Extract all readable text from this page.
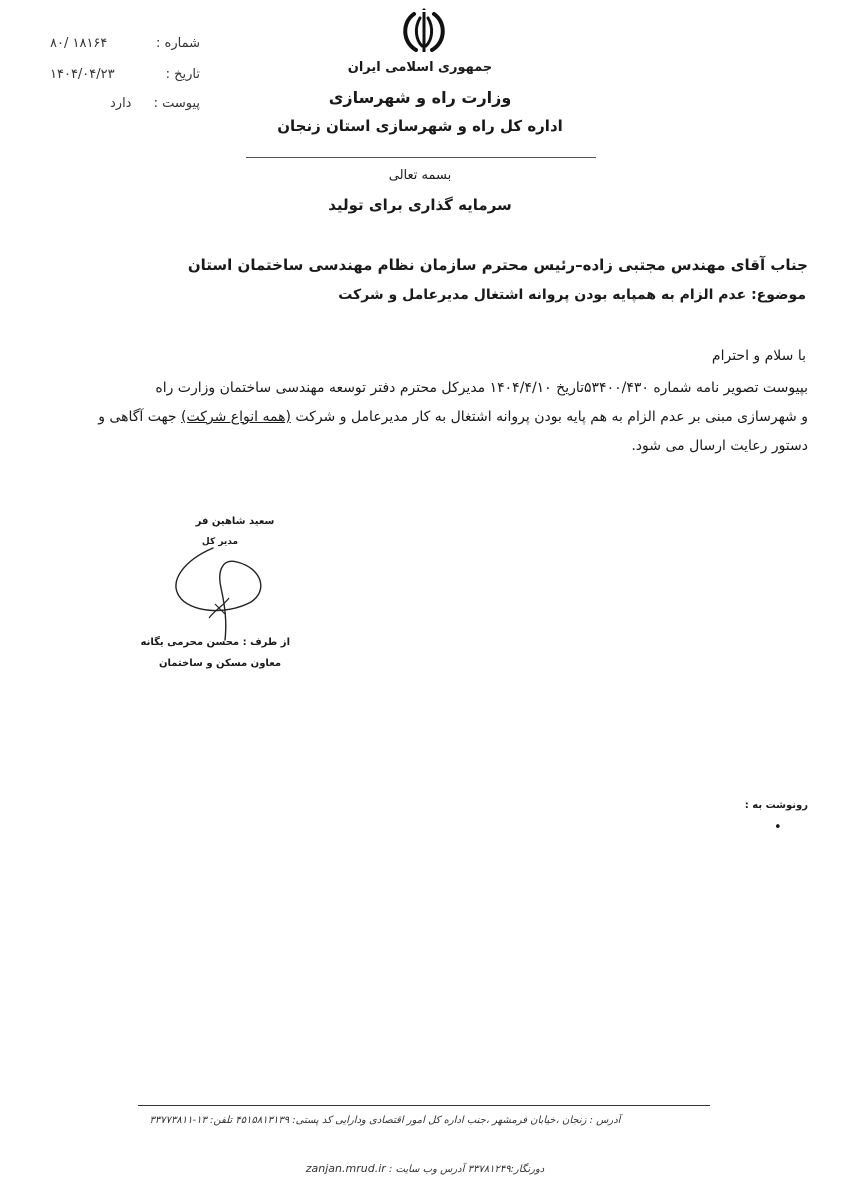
شماره :
۸۰/ ۱۸۱۶۴
تاریخ :
۱۴۰۴/۰۴/۲۳
پیوست :
دارد
جمهوری اسلامی ایران
وزارت راه و شهرسازی
اداره کل راه و شهرسازی استان زنجان
بسمه تعالی
سرمایه گذاری برای تولید
جناب آقای مهندس مجتبی زاده–رئیس محترم سازمان نظام مهندسی ساختمان استان
موضوع: عدم الزام به همپایه بودن پروانه اشتغال مدیرعامل و شرکت
با سلام و احترام
بپیوست تصویر نامه شماره ۵۳۴۰۰/۴۳۰تاریخ ۱۴۰۴/۴/۱۰ مدیرکل محترم دفتر توسعه مهندسی ساختمان وزارت راه
و شهرسازی مبنی بر عدم الزام به هم پایه بودن پروانه اشتغال به کار مدیرعامل و شرکت (همه انواع شرکت) جهت آگاهی و
دستور رعایت ارسال می شود.
سعید شاهین فر
مدیر کل
از طرف : محسن محرمی یگانه
معاون مسکن و ساختمان
رونوشت به :
•
آدرس : زنجان ،خیابان فرمشهر ،جنب اداره کل امور اقتصادی ودارایی کد پستی: ۴۵۱۵۸۱۳۱۳۹ تلفن: ۱۳-۳۳۷۷۳۸۱۱
دورنگار:۳۳۷۸۱۲۴۹ آدرس وب سایت : zanjan.mrud.ir
